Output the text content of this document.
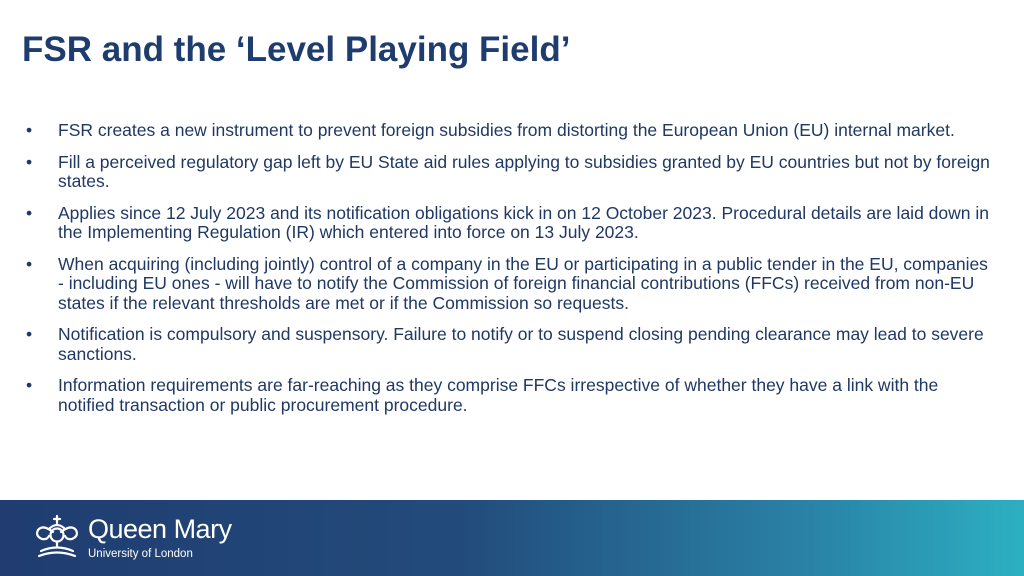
FSR and the ‘Level Playing Field’
• FSR creates a new instrument to prevent foreign subsidies from distorting the European Union (EU) internal market.
• Fill a perceived regulatory gap left by EU State aid rules applying to subsidies granted by EU countries but not by foreign states.
• Applies since 12 July 2023 and its notification obligations kick in on 12 October 2023. Procedural details are laid down in the Implementing Regulation (IR) which entered into force on 13 July 2023.
• When acquiring (including jointly) control of a company in the EU or participating in a public tender in the EU, companies - including EU ones - will have to notify the Commission of foreign financial contributions (FFCs) received from non-EU states if the relevant thresholds are met or if the Commission so requests.
• Notification is compulsory and suspensory. Failure to notify or to suspend closing pending clearance may lead to severe sanctions.
• Information requirements are far-reaching as they comprise FFCs irrespective of whether they have a link with the notified transaction or public procurement procedure.
Queen Mary
University of London
